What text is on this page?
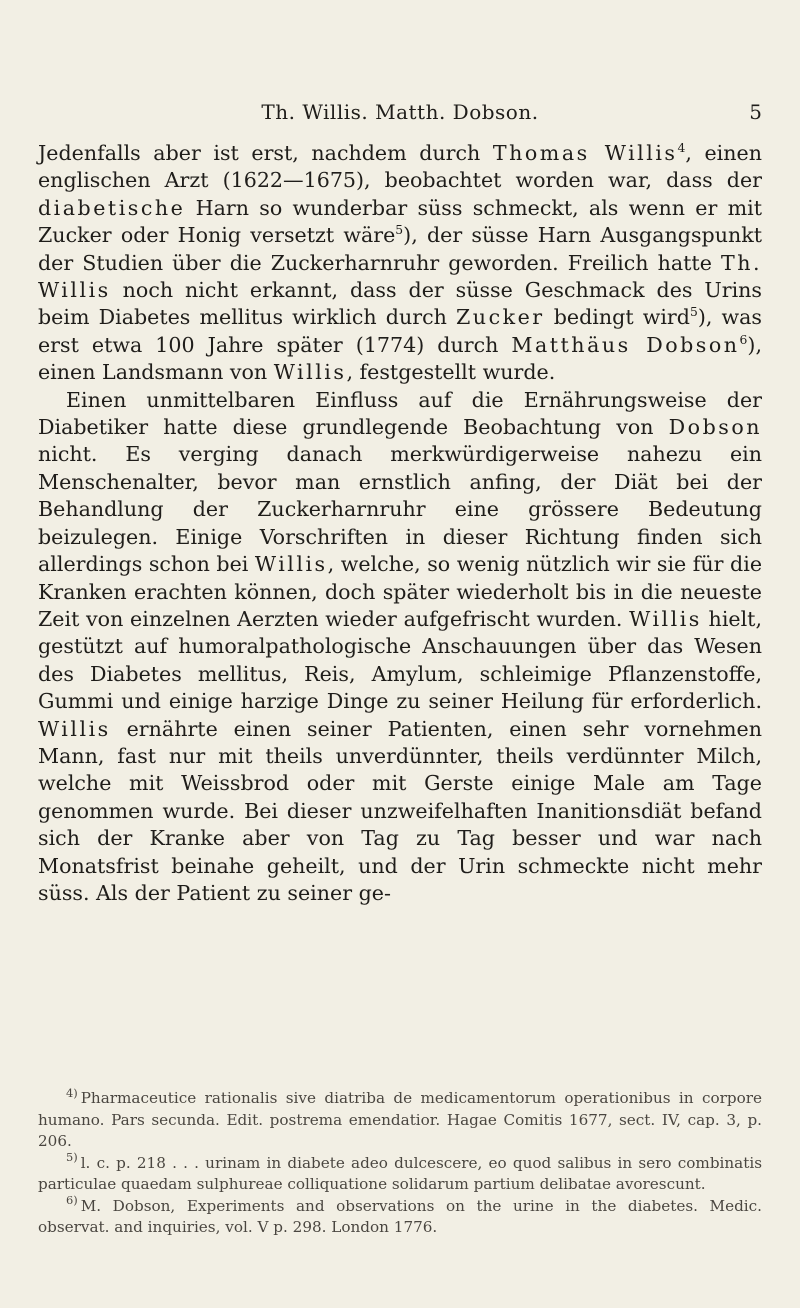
Th. Willis. Matth. Dobson.	5

Jedenfalls aber ist erst, nachdem durch Thomas Willis$^4$, einen englischen Arzt (1622—1675), beobachtet worden war, dass der diabetische Harn so wunderbar süss schmeckt, als wenn er mit Zucker oder Honig versetzt wäre$^5$), der süsse Harn Ausgangspunkt der Studien über die Zuckerharnruhr geworden. Freilich hatte Th. Willis noch nicht erkannt, dass der süsse Geschmack des Urins beim Diabetes mellitus wirklich durch Zucker bedingt wird$^5$), was erst etwa 100 Jahre später (1774) durch Matthäus Dobson$^6$), einen Landsmann von Willis, festgestellt wurde.

Einen unmittelbaren Einfluss auf die Ernährungsweise der Diabetiker hatte diese grundlegende Beobachtung von Dobson nicht. Es verging danach merkwürdigerweise nahezu ein Menschenalter, bevor man ernstlich anfing, der Diät bei der Behandlung der Zuckerharnruhr eine grössere Bedeutung beizulegen. Einige Vorschriften in dieser Richtung finden sich allerdings schon bei Willis, welche, so wenig nützlich wir sie für die Kranken erachten können, doch später wiederholt bis in die neueste Zeit von einzelnen Aerzten wieder aufgefrischt wurden. Willis hielt, gestützt auf humoralpathologische Anschauungen über das Wesen des Diabetes mellitus, Reis, Amylum, schleimige Pflanzenstoffe, Gummi und einige harzige Dinge zu seiner Heilung für erforderlich. Willis ernährte einen seiner Patienten, einen sehr vornehmen Mann, fast nur mit theils unverdünnter, theils verdünnter Milch, welche mit Weissbrod oder mit Gerste einige Male am Tage genommen wurde. Bei dieser unzweifelhaften Inanitionsdiät befand sich der Kranke aber von Tag zu Tag besser und war nach Monatsfrist beinahe geheilt, und der Urin schmeckte nicht mehr süss. Als der Patient zu seiner ge-

$^{4)}$ Pharmaceutice rationalis sive diatriba de medicamentorum operationibus in corpore humano. Pars secunda. Edit. postrema emendatior. Hagae Comitis 1677, sect. IV, cap. 3, p. 206.

$^{5)}$ l. c. p. 218 . . . urinam in diabete adeo dulcescere, eo quod salibus in sero combinatis particulae quaedam sulphureae colliquatione solidarum partium delibatae avorescunt.

$^{6)}$ M. Dobson, Experiments and observations on the urine in the diabetes. Medic. observat. and inquiries, vol. V p. 298. London 1776.
